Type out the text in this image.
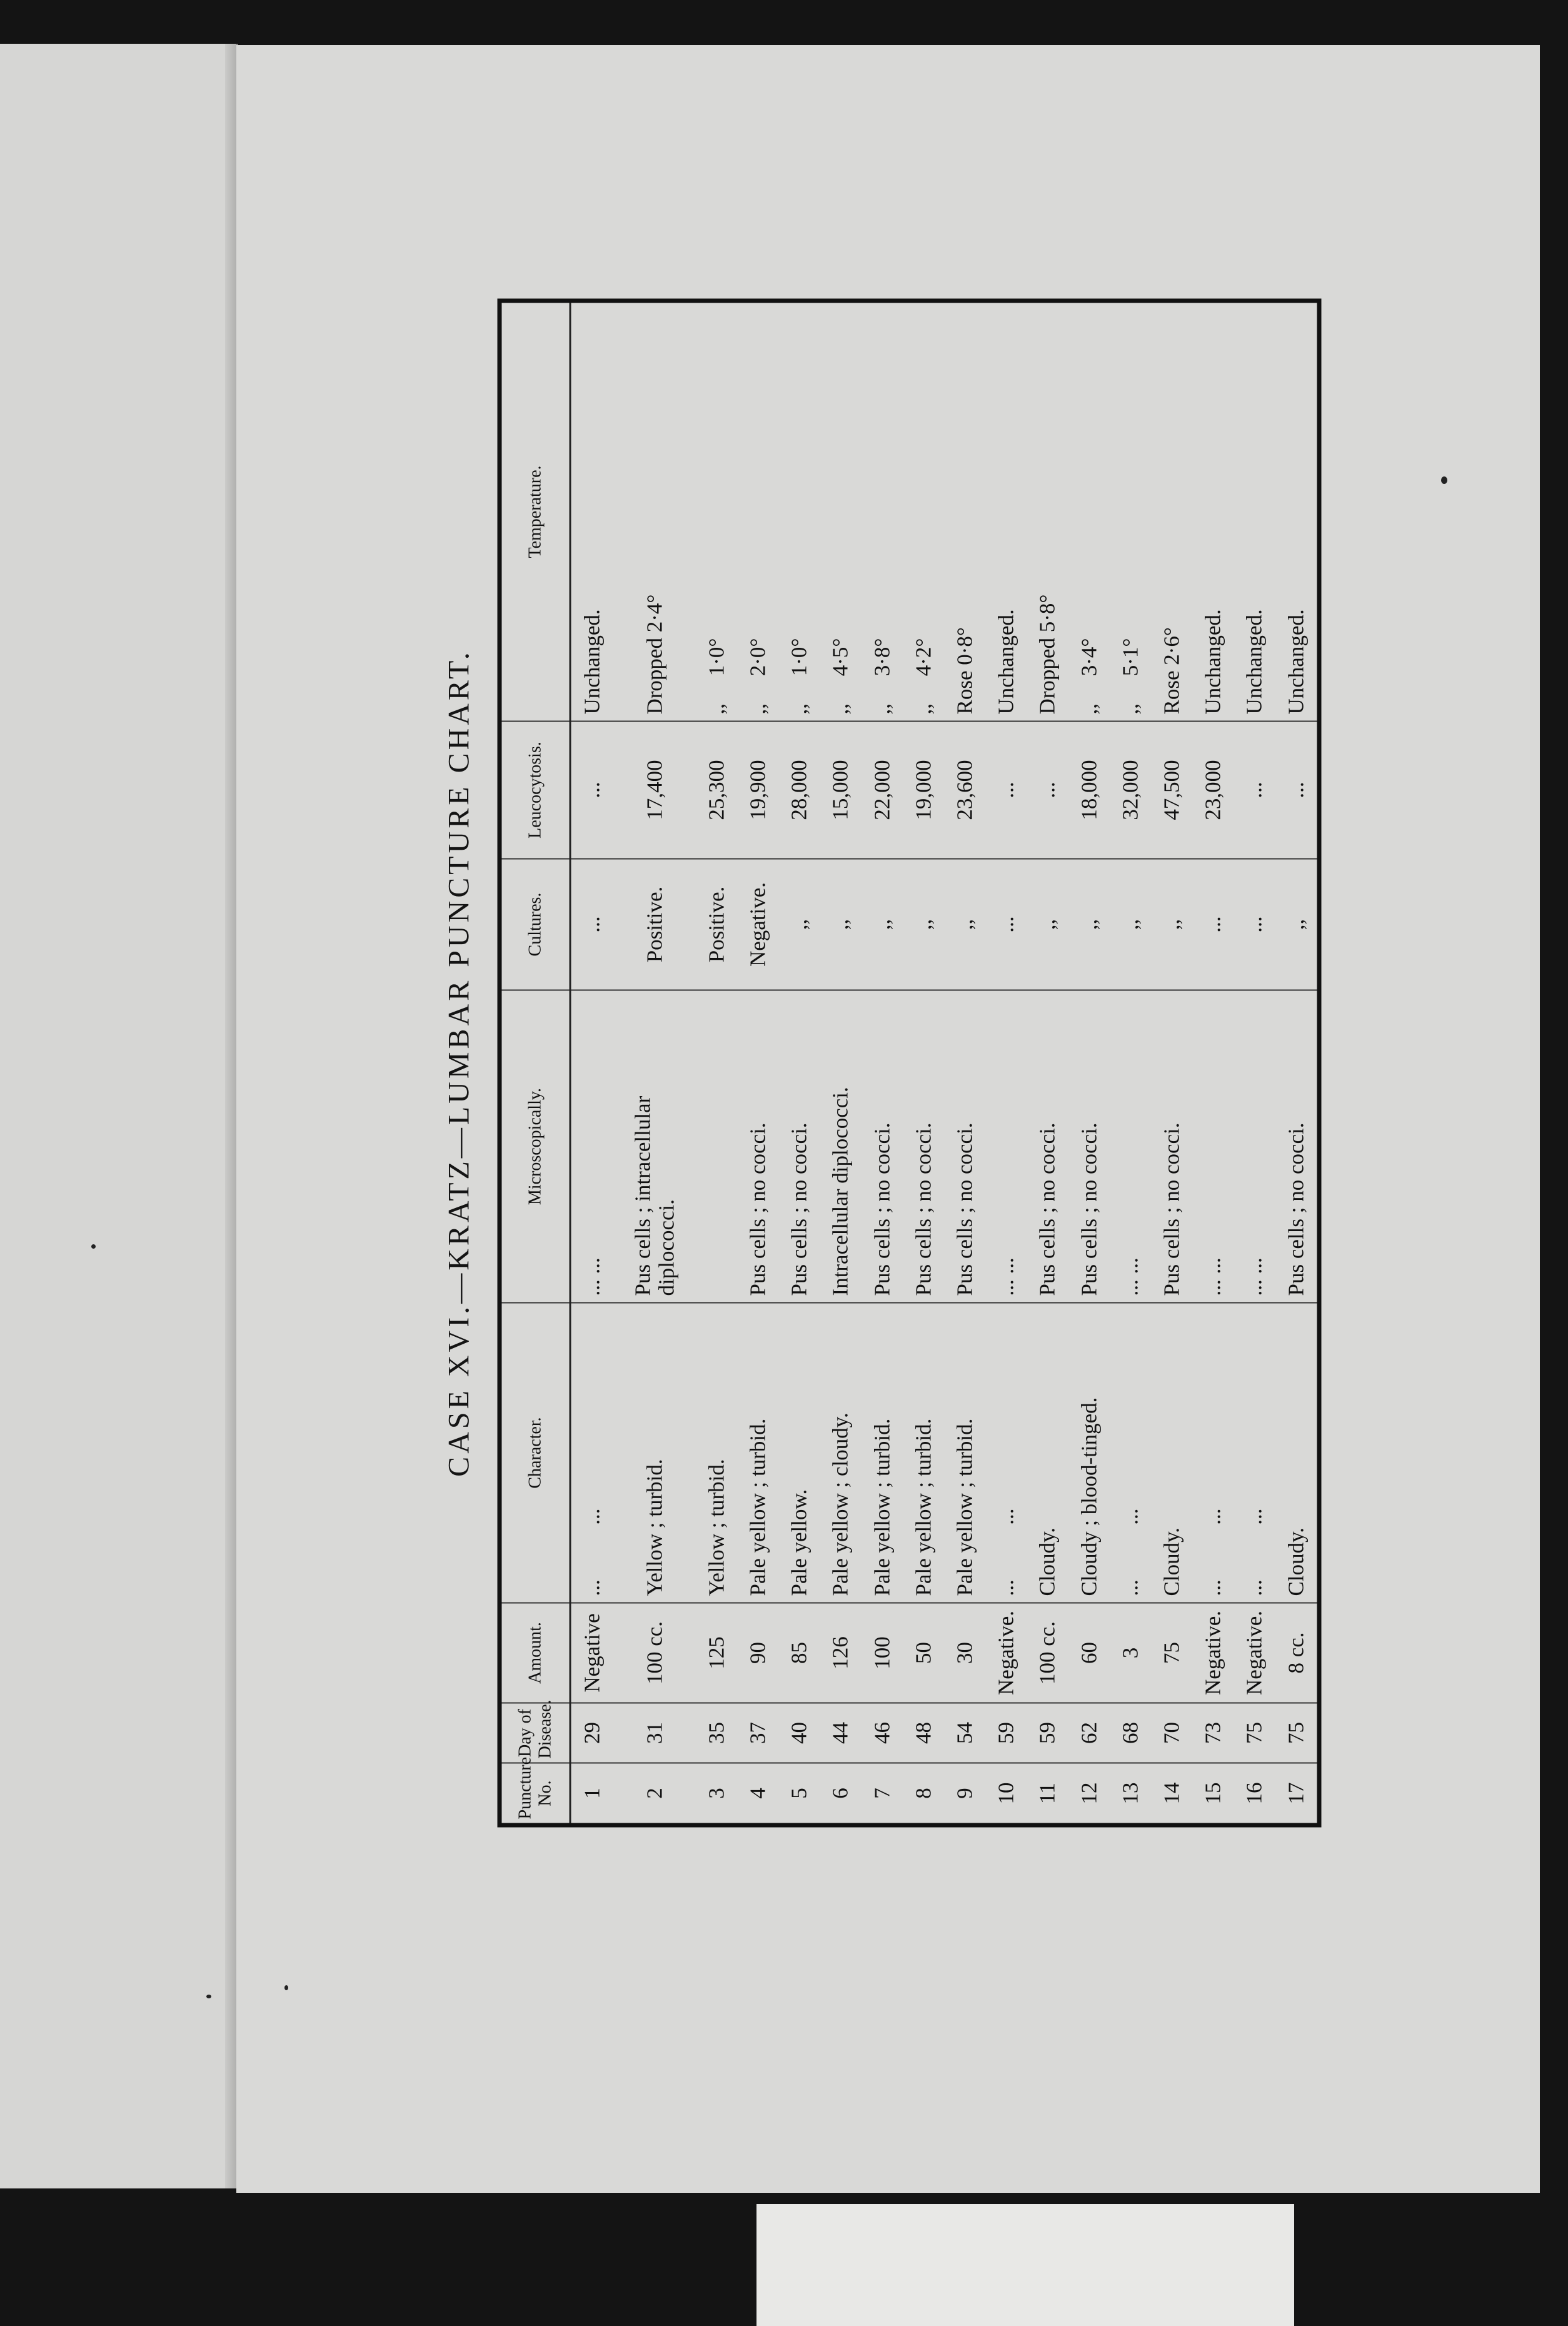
CASE XVI.—KRATZ—LUMBAR PUNCTURE CHART.
Puncture No.	Day of Disease.	Amount.	Character.	Microscopically.	Cultures.	Leucocytosis.	Temperature.
1	29	Negative	...          ...	... ...	...	...	Unchanged.
2	31	100 cc.	Yellow ; turbid.	Pus cells ; intracellular diplococci.	Positive.	17,400	Dropped 2·4°
3	35	125	Yellow ; turbid.		Positive.	25,300	,,     1·0°
4	37	90	Pale yellow ; turbid.	Pus cells ; no cocci.	Negative.	19,900	,,     2·0°
5	40	85	Pale yellow.	Pus cells ; no cocci.	,,	28,000	,,     1·0°
6	44	126	Pale yellow ; cloudy.	Intracellular diplococci.	,,	15,000	,,     4·5°
7	46	100	Pale yellow ; turbid.	Pus cells ; no cocci.	,,	22,000	,,     3·8°
8	48	50	Pale yellow ; turbid.	Pus cells ; no cocci.	,,	19,000	,,     4·2°
9	54	30	Pale yellow ; turbid.	Pus cells ; no cocci.	,,	23,600	Rose 0·8°
10	59	Negative.	...          ...	... ...	...	...	Unchanged.
11	59	100 cc.	Cloudy.	Pus cells ; no cocci.	,,	...	Dropped 5·8°
12	62	60	Cloudy ; blood-tinged.	Pus cells ; no cocci.	,,	18,000	,,     3·4°
13	68	3	...          ...	... ...	,,	32,000	,,     5·1°
14	70	75	Cloudy.	Pus cells ; no cocci.	,,	47,500	Rose 2·6°
15	73	Negative.	...          ...	... ...	...	23,000	Unchanged.
16	75	Negative.	...          ...	... ...	...	...	Unchanged.
17	75	8 cc.	Cloudy.	Pus cells ; no cocci.	,,	...	Unchanged.
